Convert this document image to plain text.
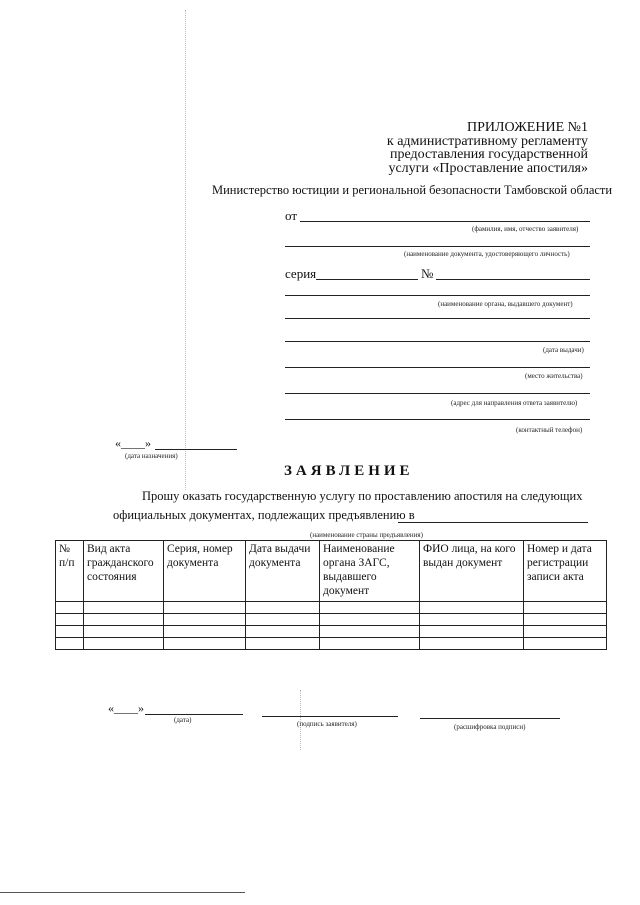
ПРИЛОЖЕНИЕ №1
к административному регламенту
предоставления государственной
услуги «Проставление апостиля»
Министерство юстиции и региональной безопасности Тамбовской области
от
(фамилия, имя, отчество заявителя)
(наименование документа, удостоверяющего личность)
серия	№
(наименование органа, выдавшего документ)
(дата выдачи)
(место жительства)
(адрес для направления ответа заявителю)
(контактный телефон)
«____»
(дата назначения)
ЗАЯВЛЕНИЕ
Прошу оказать государственную услугу по проставлению апостиля на следующих
официальных документах, подлежащих предъявлению в
(наименование страны предъявления)
№ п/п	Вид акта гражданского состояния	Серия, номер документа	Дата выдачи документа	Наименование органа ЗАГС, выдавшего документ	ФИО лица, на кого выдан документ	Номер и дата регистрации записи акта

«____»
(дата)	(подпись заявителя)	(расшифровка подписи)
